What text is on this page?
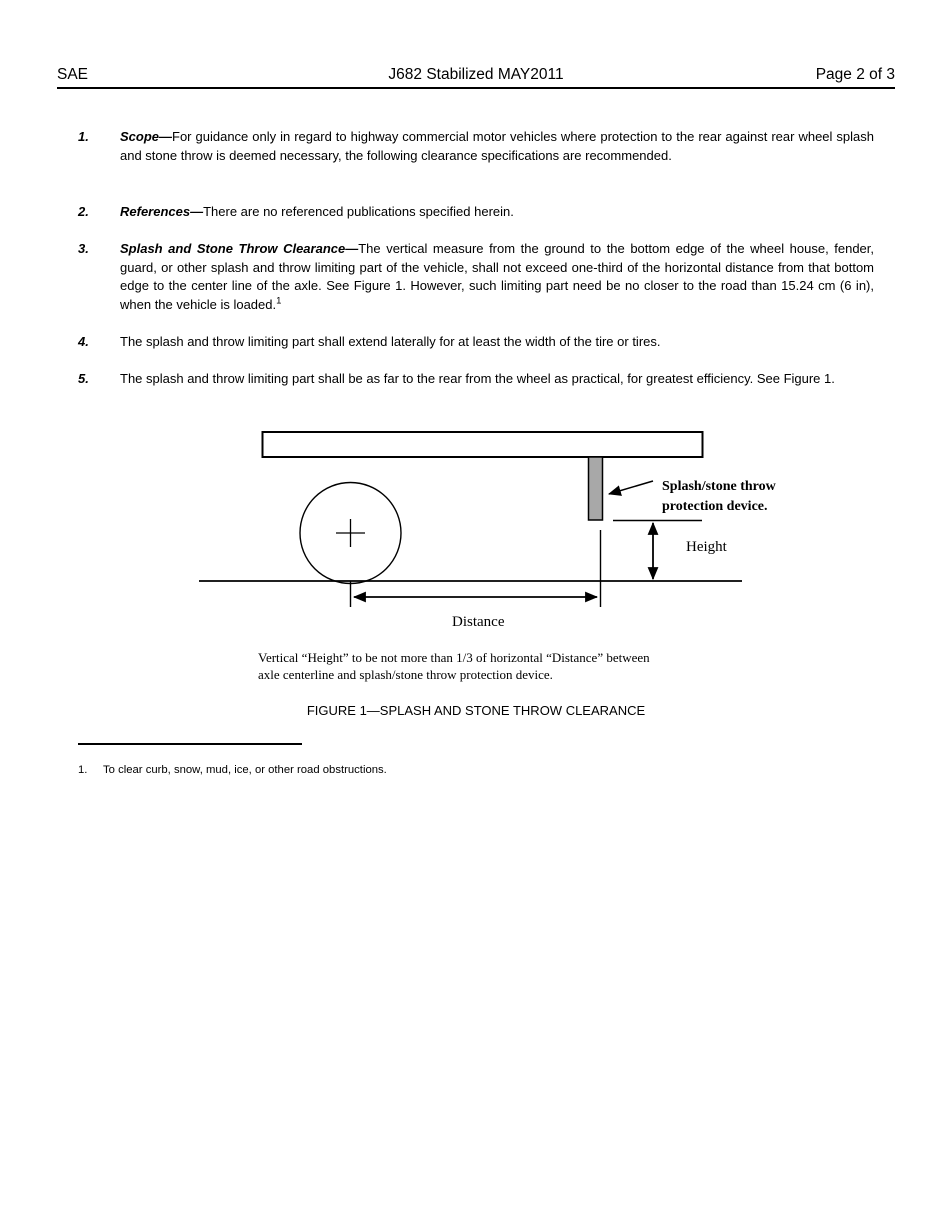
SAE	J682 Stabilized MAY2011	Page 2 of 3
1. Scope—For guidance only in regard to highway commercial motor vehicles where protection to the rear against rear wheel splash and stone throw is deemed necessary, the following clearance specifications are recommended.
2. References—There are no referenced publications specified herein.
3. Splash and Stone Throw Clearance—The vertical measure from the ground to the bottom edge of the wheel house, fender, guard, or other splash and throw limiting part of the vehicle, shall not exceed one-third of the horizontal distance from that bottom edge to the center line of the axle. See Figure 1. However, such limiting part need be no closer to the road than 15.24 cm (6 in), when the vehicle is loaded.$^1$
4. The splash and throw limiting part shall extend laterally for at least the width of the tire or tires.
5. The splash and throw limiting part shall be as far to the rear from the wheel as practical, for greatest efficiency. See Figure 1.
Splash/stone throw
protection device.
Height
Distance
Vertical “Height” to be not more than 1/3 of horizontal “Distance” between
axle centerline and splash/stone throw protection device.
FIGURE 1—SPLASH AND STONE THROW CLEARANCE
1.	To clear curb, snow, mud, ice, or other road obstructions.
